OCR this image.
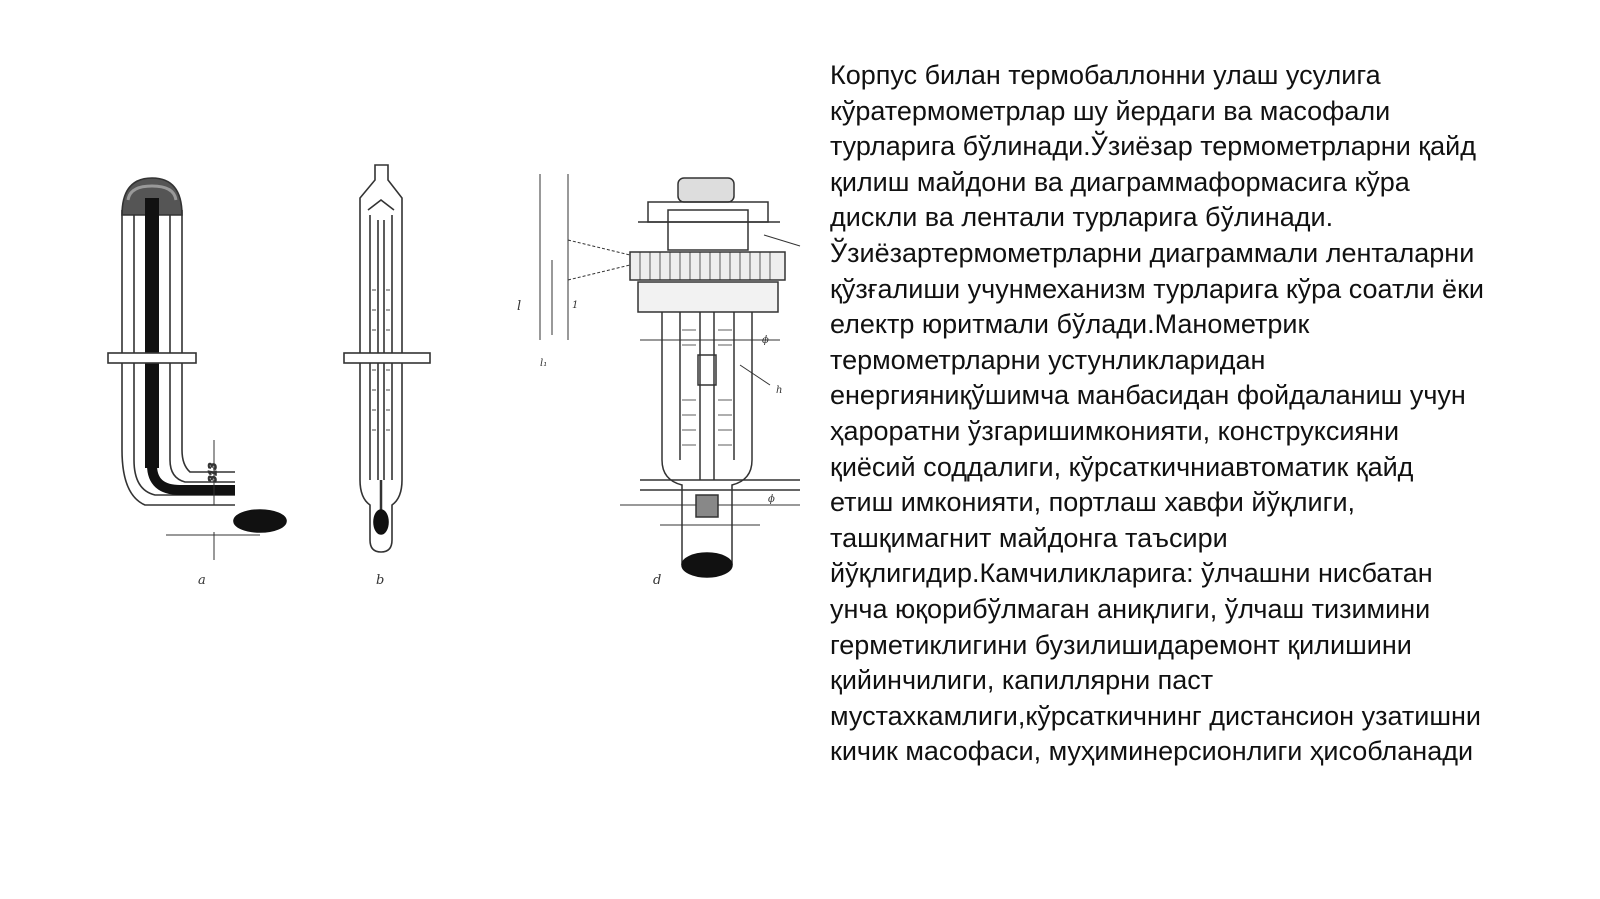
313
a	b
l	1
l₁
ϕ
ϕ
h
d
Корпус билан термобаллонни улаш усулига
кўратермометрлар шу йердаги ва масофали
турларига бўлинади.Ўзиёзар термометрларни қайд
қилиш майдони ва диаграммаформасига кўра
дискли ва лентали турларига бўлинади.
Ўзиёзартермометрларни диаграммали ленталарни
қўзғалиши учунмеханизм турларига кўра соатли ёки
електр юритмали бўлади.Манометрик
термометрларни устунликларидан
енергияниқўшимча манбасидан фойдаланиш учун
ҳароратни ўзгаришимконияти, конструксияни
қиёсий соддалиги, кўрсаткичниавтоматик қайд
етиш имконияти, портлаш хавфи йўқлиги,
ташқимагнит майдонга таъсири
йўқлигидир.Камчиликларига: ўлчашни нисбатан
унча юқорибўлмаган аниқлиги, ўлчаш тизимини
герметиклигини бузилишидаремонт қилишини
қийинчилиги, капиллярни паст
мустахкамлиги,кўрсаткичнинг дистансион узатишни
кичик масофаси, муҳиминерсионлиги ҳисобланади
